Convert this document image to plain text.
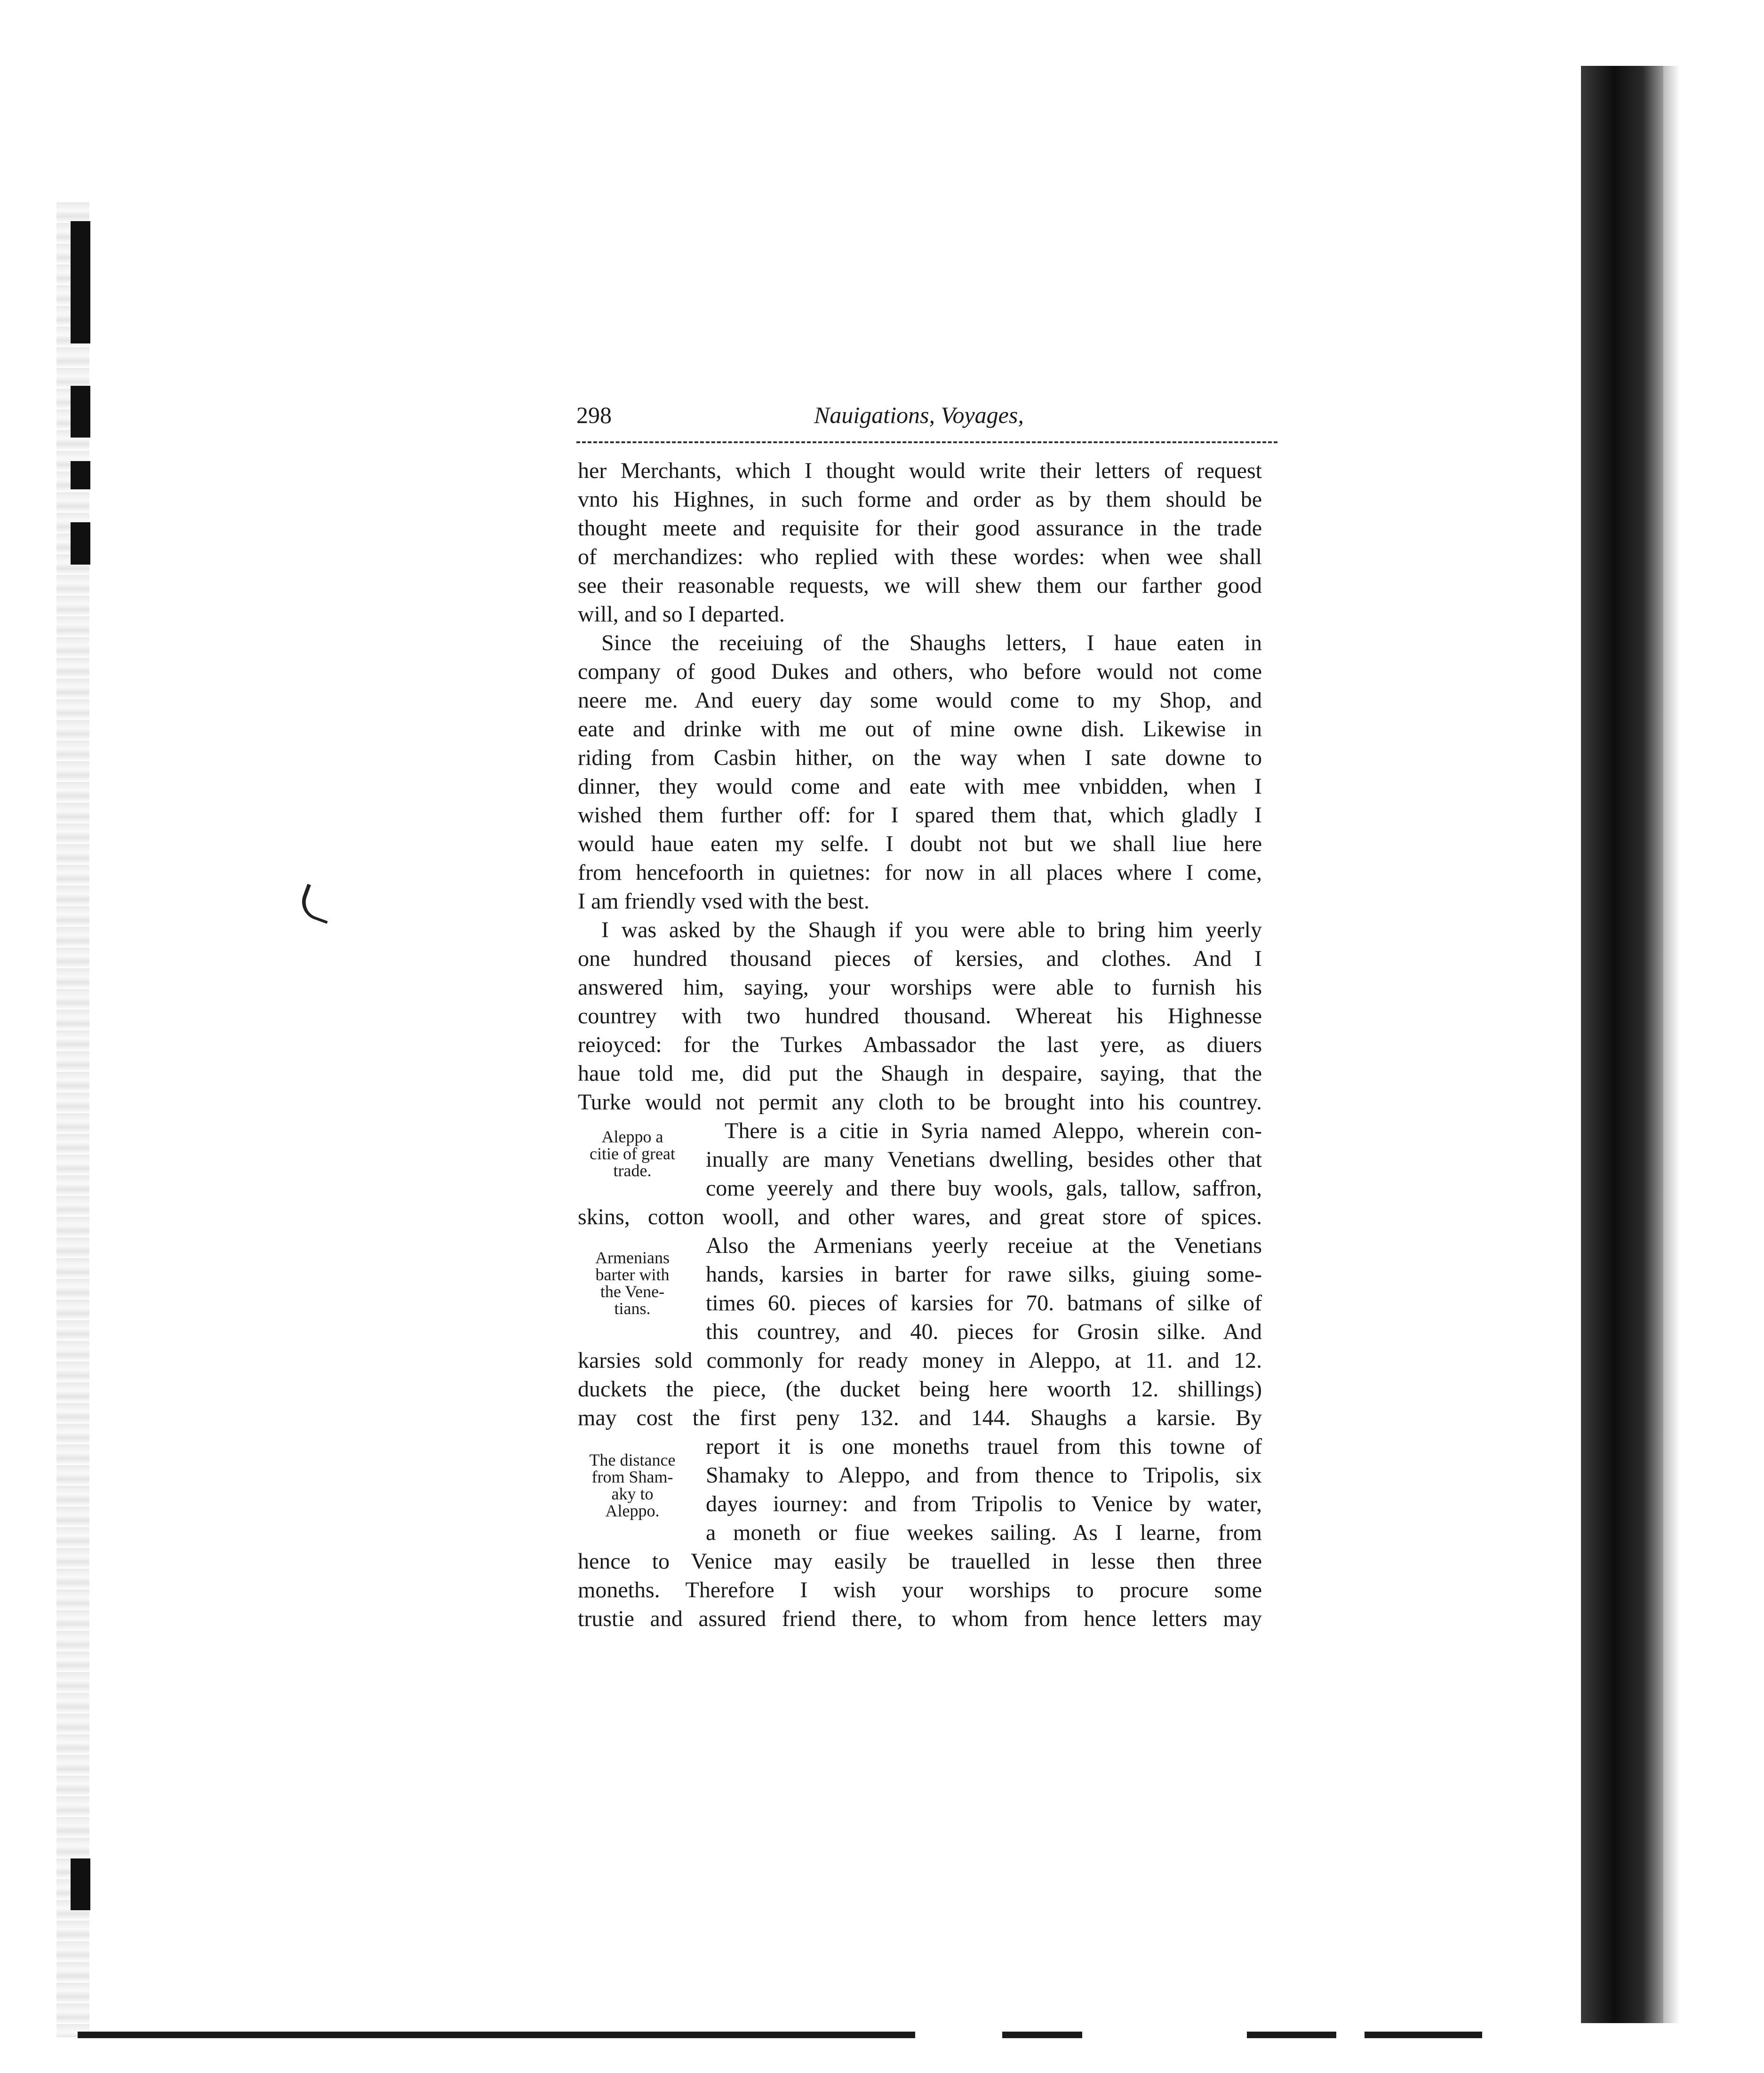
298	Nauigations, Voyages,
her Merchants, which I thought would write their letters of request
vnto his Highnes, in such forme and order as by them should be
thought meete and requisite for their good assurance in the trade
of merchandizes: who replied with these wordes: when wee shall
see their reasonable requests, we will shew them our farther good
will, and so I departed.
Since the receiuing of the Shaughs letters, I haue eaten in
company of good Dukes and others, who before would not come
neere me. And euery day some would come to my Shop, and
eate and drinke with me out of mine owne dish. Likewise in
riding from Casbin hither, on the way when I sate downe to
dinner, they would come and eate with mee vnbidden, when I
wished them further off: for I spared them that, which gladly I
would haue eaten my selfe. I doubt not but we shall liue here
from hencefoorth in quietnes: for now in all places where I come,
I am friendly vsed with the best.
I was asked by the Shaugh if you were able to bring him yeerly
one hundred thousand pieces of kersies, and clothes. And I
answered him, saying, your worships were able to furnish his
countrey with two hundred thousand. Whereat his Highnesse
reioyced: for the Turkes Ambassador the last yere, as diuers
haue told me, did put the Shaugh in despaire, saying, that the
Turke would not permit any cloth to be brought into his countrey.
There is a citie in Syria named Aleppo, wherein con-
inually are many Venetians dwelling, besides other that
come yeerely and there buy wools, gals, tallow, saffron,
skins, cotton wooll, and other wares, and great store of spices.
Also the Armenians yeerly receiue at the Venetians
hands, karsies in barter for rawe silks, giuing some-
times 60. pieces of karsies for 70. batmans of silke of
this countrey, and 40. pieces for Grosin silke. And
karsies sold commonly for ready money in Aleppo, at 11. and 12.
duckets the piece, (the ducket being here woorth 12. shillings)
may cost the first peny 132. and 144. Shaughs a karsie. By
report it is one moneths trauel from this towne of
Shamaky to Aleppo, and from thence to Tripolis, six
dayes iourney: and from Tripolis to Venice by water,
a moneth or fiue weekes sailing. As I learne, from
hence to Venice may easily be trauelled in lesse then three
moneths. Therefore I wish your worships to procure some
trustie and assured friend there, to whom from hence letters may
Aleppo a
citie of great
trade.
Armenians
barter with
the Vene-
tians.
The distance
from Sham-
aky to
Aleppo.
